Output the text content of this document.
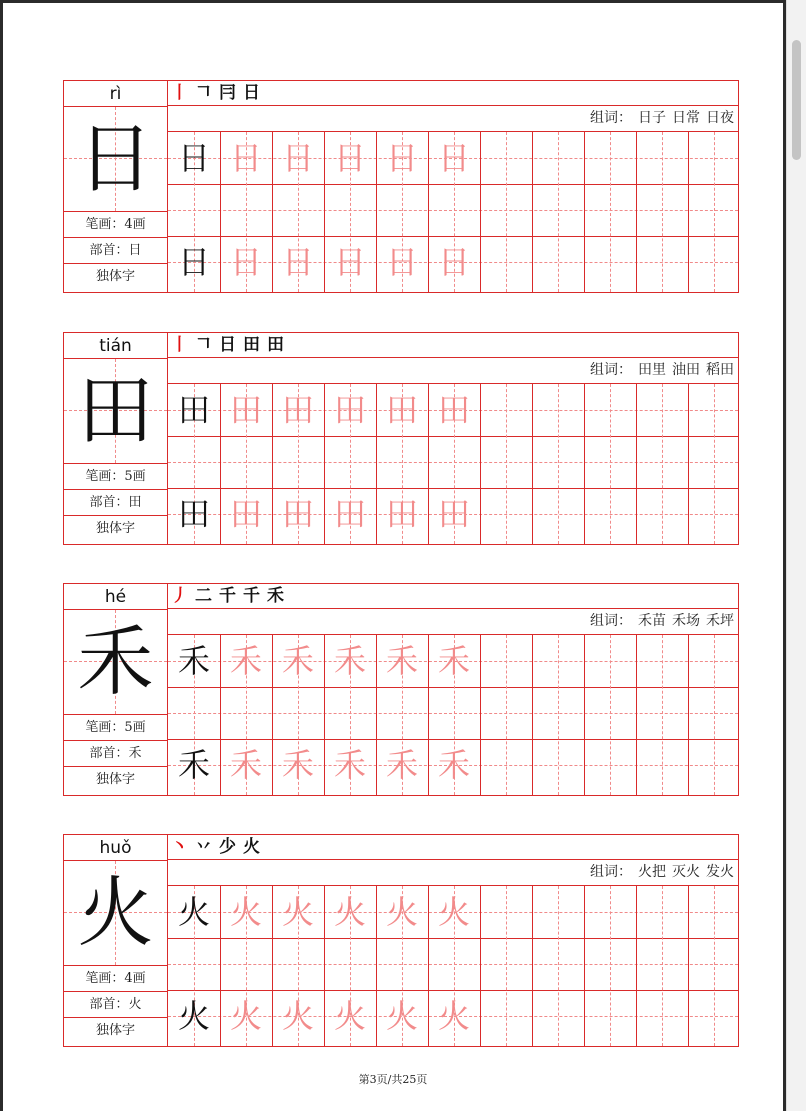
rì
日
笔画：4画
部首：日
独体字
丨 𠃍 冃 日
组词： 日子 日常 日夜
日 日 日 日 日 日
日 日 日 日 日 日
tián
田
笔画：5画
部首：田
独体字
丨 𠃍 日 田 田
组词： 田里 油田 稻田
田 田 田 田 田 田
田 田 田 田 田 田
hé
禾
笔画：5画
部首：禾
独体字
丿 二 千 千 禾
组词： 禾苗 禾场 禾坪
禾 禾 禾 禾 禾 禾
禾 禾 禾 禾 禾 禾
huǒ
火
笔画：4画
部首：火
独体字
丶 丷 少 火
组词： 火把 灭火 发火
火 火 火 火 火 火
火 火 火 火 火 火
第3页/共25页
